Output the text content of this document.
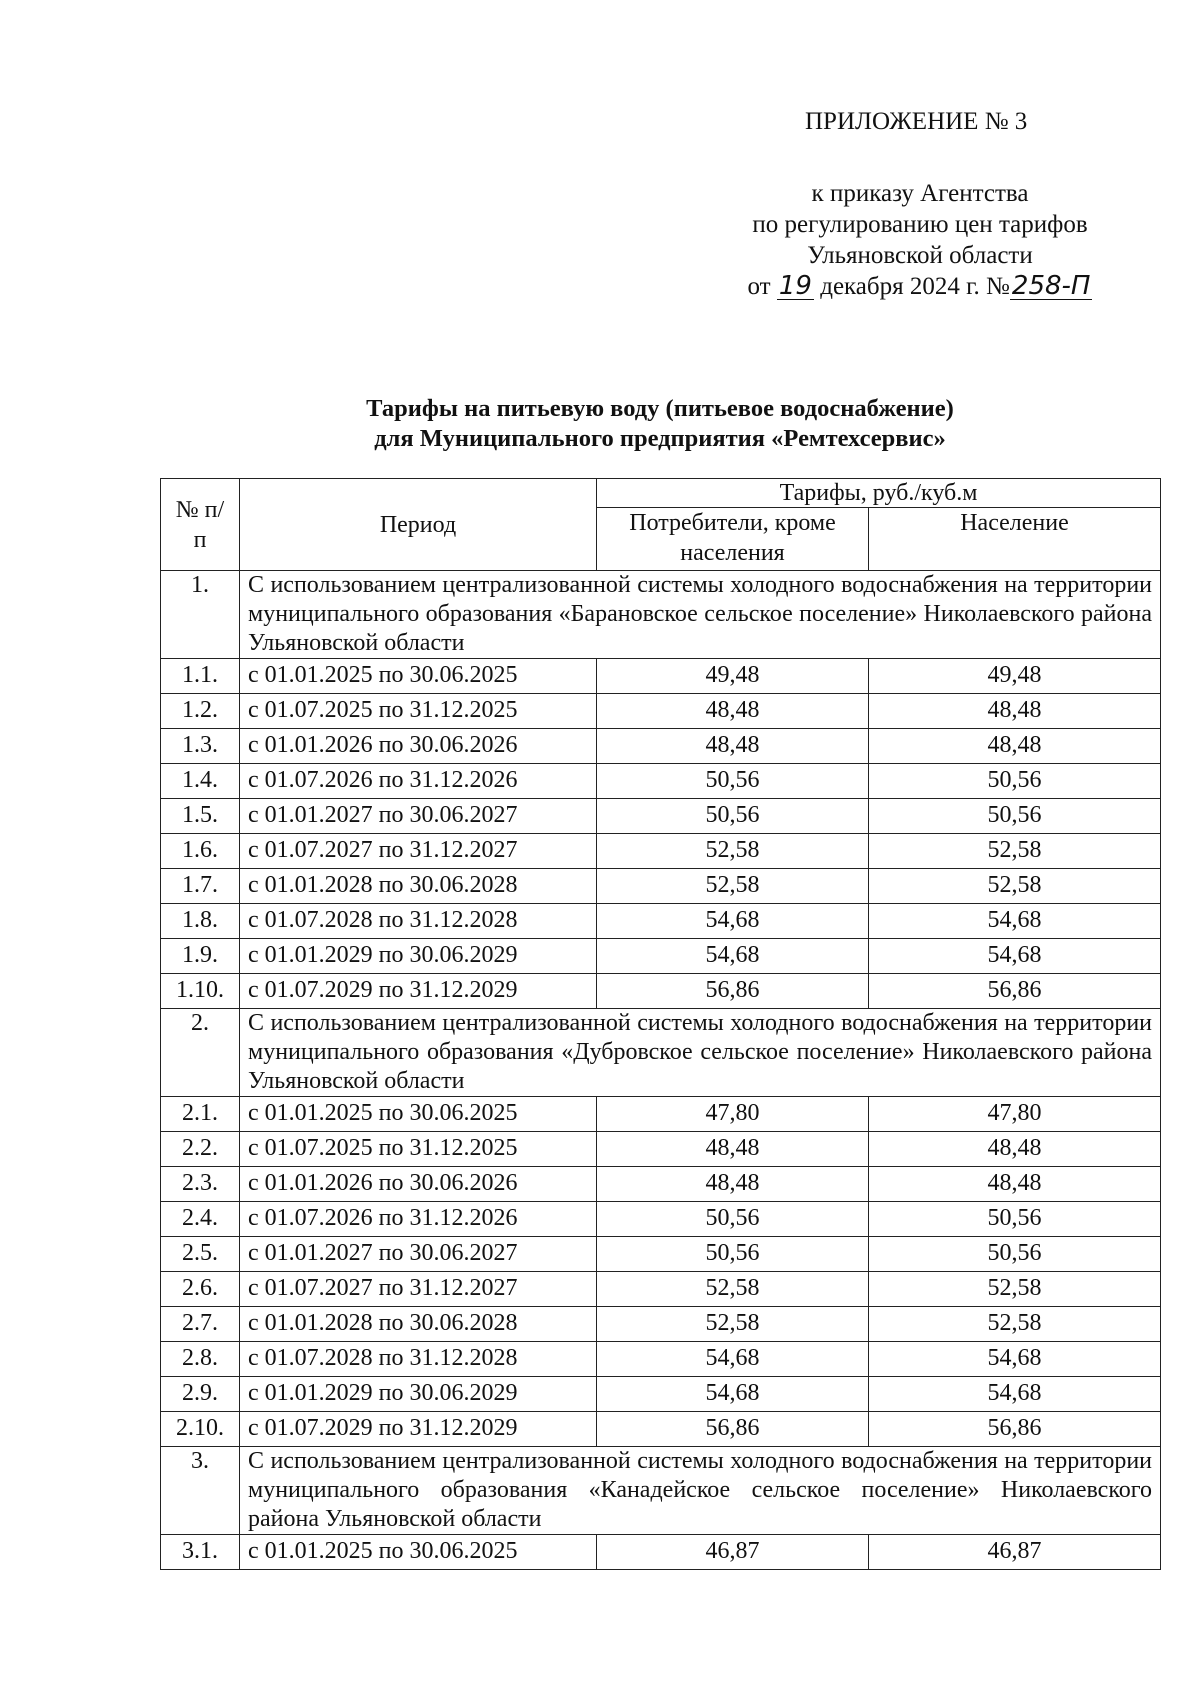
ПРИЛОЖЕНИЕ № 3
к приказу Агентства
по регулированию цен тарифов
Ульяновской области
от 19 декабря 2024 г. №258-П
Тарифы на питьевую воду (питьевое водоснабжение)
для Муниципального предприятия «Ремтехсервис»
№ п/п	Период	Тарифы, руб./куб.м	
		Потребители, кроме населения	Население
1.	С использованием централизованной системы холодного водоснабжения на территории муниципального образования «Барановское сельское поселение» Николаевского района Ульяновской области		
1.1.	с 01.01.2025 по 30.06.2025	49,48	49,48
1.2.	с 01.07.2025 по 31.12.2025	48,48	48,48
1.3.	с 01.01.2026 по 30.06.2026	48,48	48,48
1.4.	с 01.07.2026 по 31.12.2026	50,56	50,56
1.5.	с 01.01.2027 по 30.06.2027	50,56	50,56
1.6.	с 01.07.2027 по 31.12.2027	52,58	52,58
1.7.	с 01.01.2028 по 30.06.2028	52,58	52,58
1.8.	с 01.07.2028 по 31.12.2028	54,68	54,68
1.9.	с 01.01.2029 по 30.06.2029	54,68	54,68
1.10.	с 01.07.2029 по 31.12.2029	56,86	56,86
2.	С использованием централизованной системы холодного водоснабжения на территории муниципального образования «Дубровское сельское поселение» Николаевского района Ульяновской области		
2.1.	с 01.01.2025 по 30.06.2025	47,80	47,80
2.2.	с 01.07.2025 по 31.12.2025	48,48	48,48
2.3.	с 01.01.2026 по 30.06.2026	48,48	48,48
2.4.	с 01.07.2026 по 31.12.2026	50,56	50,56
2.5.	с 01.01.2027 по 30.06.2027	50,56	50,56
2.6.	с 01.07.2027 по 31.12.2027	52,58	52,58
2.7.	с 01.01.2028 по 30.06.2028	52,58	52,58
2.8.	с 01.07.2028 по 31.12.2028	54,68	54,68
2.9.	с 01.01.2029 по 30.06.2029	54,68	54,68
2.10.	с 01.07.2029 по 31.12.2029	56,86	56,86
3.	С использованием централизованной системы холодного водоснабжения на территории муниципального образования «Канадейское сельское поселение» Николаевского района Ульяновской области		
3.1.	с 01.01.2025 по 30.06.2025	46,87	46,87
